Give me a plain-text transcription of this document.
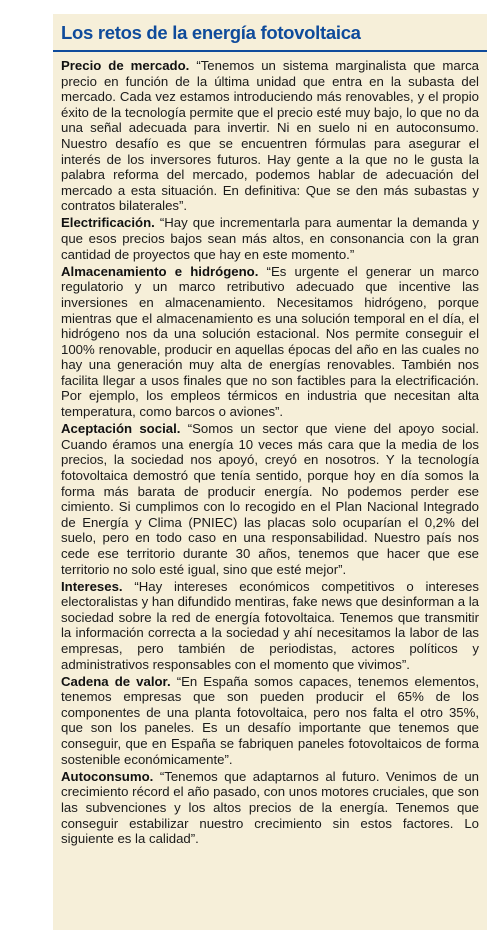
Los retos de la energía fotovoltaica

Precio de mercado. “Tenemos un sistema marginalista que marca precio en función de la última unidad que entra en la subasta del mercado. Cada vez estamos introduciendo más renovables, y el propio éxito de la tecnología permite que el precio esté muy bajo, lo que no da una señal adecuada para invertir. Ni en suelo ni en autoconsumo. Nuestro desafío es que se encuentren fórmulas para asegurar el interés de los inversores futuros. Hay gente a la que no le gusta la palabra reforma del mercado, podemos hablar de adecuación del mercado a esta situación. En definitiva: Que se den más subastas y contratos bilaterales”.

Electrificación. “Hay que incrementarla para aumentar la demanda y que esos precios bajos sean más altos, en consonancia con la gran cantidad de proyectos que hay en este momento.”

Almacenamiento e hidrógeno. “Es urgente el generar un marco regulatorio y un marco retributivo adecuado que incentive las inversiones en almacenamiento. Necesitamos hidrógeno, porque mientras que el almacenamiento es una solución temporal en el día, el hidrógeno nos da una solución estacional. Nos permite conseguir el 100% renovable, producir en aquellas épocas del año en las cuales no hay una generación muy alta de energías renovables. También nos facilita llegar a usos finales que no son factibles para la electrificación. Por ejemplo, los empleos térmicos en industria que necesitan alta temperatura, como barcos o aviones”.

Aceptación social. “Somos un sector que viene del apoyo social. Cuando éramos una energía 10 veces más cara que la media de los precios, la sociedad nos apoyó, creyó en nosotros. Y la tecnología fotovoltaica demostró que tenía sentido, porque hoy en día somos la forma más barata de producir energía. No podemos perder ese cimiento. Si cumplimos con lo recogido en el Plan Nacional Integrado de Energía y Clima (PNIEC) las placas solo ocuparían el 0,2% del suelo, pero en todo caso en una responsabilidad. Nuestro país nos cede ese territorio durante 30 años, tenemos que hacer que ese territorio no solo esté igual, sino que esté mejor”.

Intereses. “Hay intereses económicos competitivos o intereses electoralistas y han difundido mentiras, fake news que desinforman a la sociedad sobre la red de energía fotovoltaica. Tenemos que transmitir la información correcta a la sociedad y ahí necesitamos la labor de las empresas, pero también de periodistas, actores políticos y administrativos responsables con el momento que vivimos”.

Cadena de valor. “En España somos capaces, tenemos elementos, tenemos empresas que son pueden producir el 65% de los componentes de una planta fotovoltaica, pero nos falta el otro 35%, que son los paneles. Es un desafío importante que tenemos que conseguir, que en España se fabriquen paneles fotovoltaicos de forma sostenible económicamente”.

Autoconsumo. “Tenemos que adaptarnos al futuro. Venimos de un crecimiento récord el año pasado, con unos motores cruciales, que son las subvenciones y los altos precios de la energía. Tenemos que conseguir estabilizar nuestro crecimiento sin estos factores. Lo siguiente es la calidad”.
